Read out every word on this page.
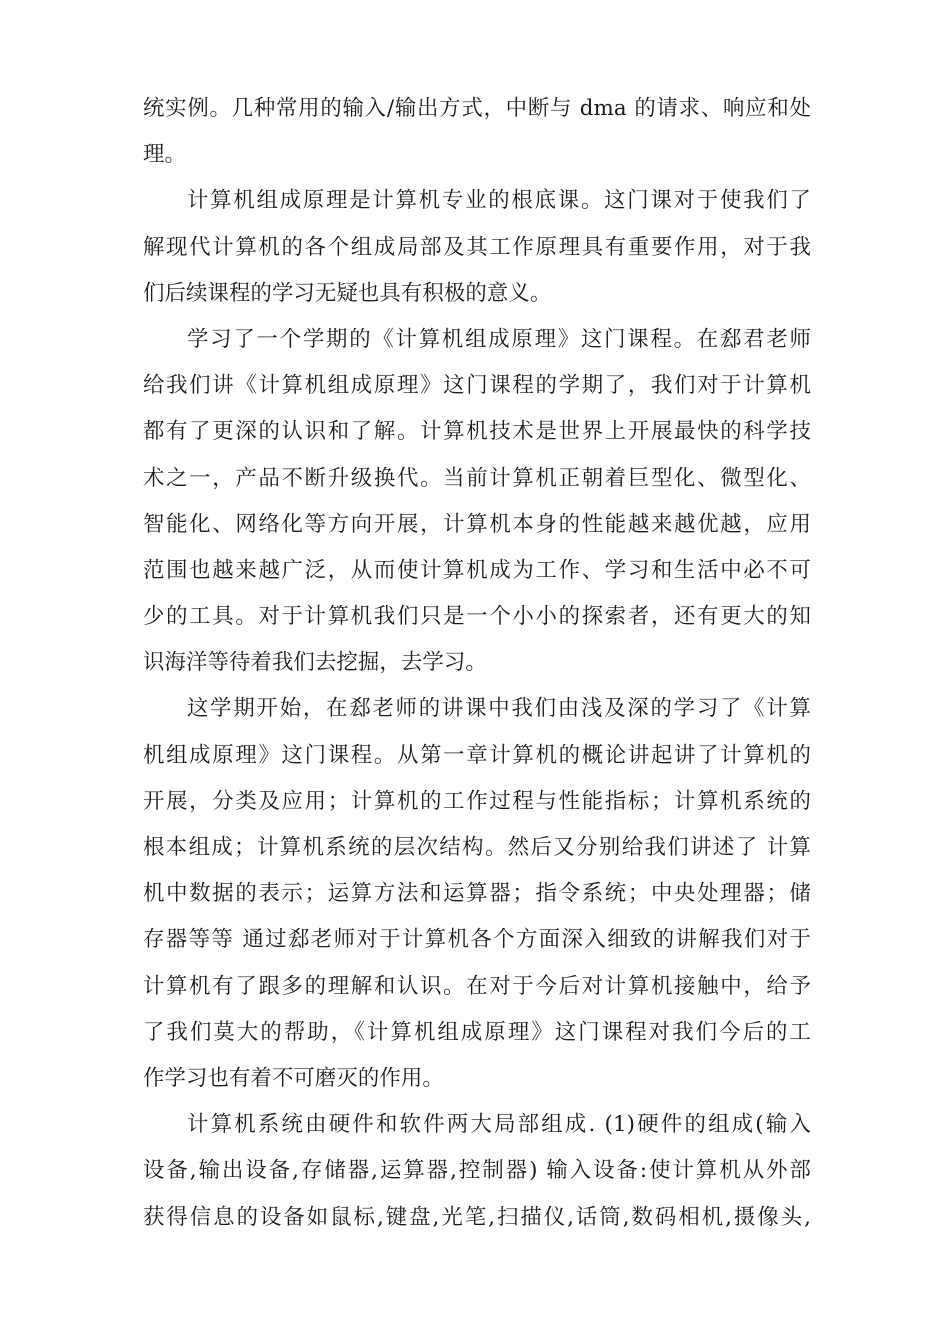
统实例。几种常用的输入/输出方式，中断与 dma 的请求、响应和处
理。
计算机组成原理是计算机专业的根底课。这门课对于使我们了
解现代计算机的各个组成局部及其工作原理具有重要作用，对于我
们后续课程的学习无疑也具有积极的意义。
学习了一个学期的《计算机组成原理》这门课程。在郄君老师
给我们讲《计算机组成原理》这门课程的学期了，我们对于计算机
都有了更深的认识和了解。计算机技术是世界上开展最快的科学技
术之一，产品不断升级换代。当前计算机正朝着巨型化、微型化、
智能化、网络化等方向开展，计算机本身的性能越来越优越，应用
范围也越来越广泛，从而使计算机成为工作、学习和生活中必不可
少的工具。对于计算机我们只是一个小小的探索者，还有更大的知
识海洋等待着我们去挖掘，去学习。
这学期开始，在郄老师的讲课中我们由浅及深的学习了《计算
机组成原理》这门课程。从第一章计算机的概论讲起讲了计算机的
开展，分类及应用；计算机的工作过程与性能指标；计算机系统的
根本组成；计算机系统的层次结构。然后又分别给我们讲述了 计算
机中数据的表示；运算方法和运算器；指令系统；中央处理器；储
存器等等 通过郄老师对于计算机各个方面深入细致的讲解我们对于
计算机有了跟多的理解和认识。在对于今后对计算机接触中，给予
了我们莫大的帮助，《计算机组成原理》这门课程对我们今后的工
作学习也有着不可磨灭的作用。
计算机系统由硬件和软件两大局部组成. (1)硬件的组成(输入
设备,输出设备,存储器,运算器,控制器) 输入设备:使计算机从外部
获得信息的设备如鼠标,键盘,光笔,扫描仪,话筒,数码相机,摄像头,
